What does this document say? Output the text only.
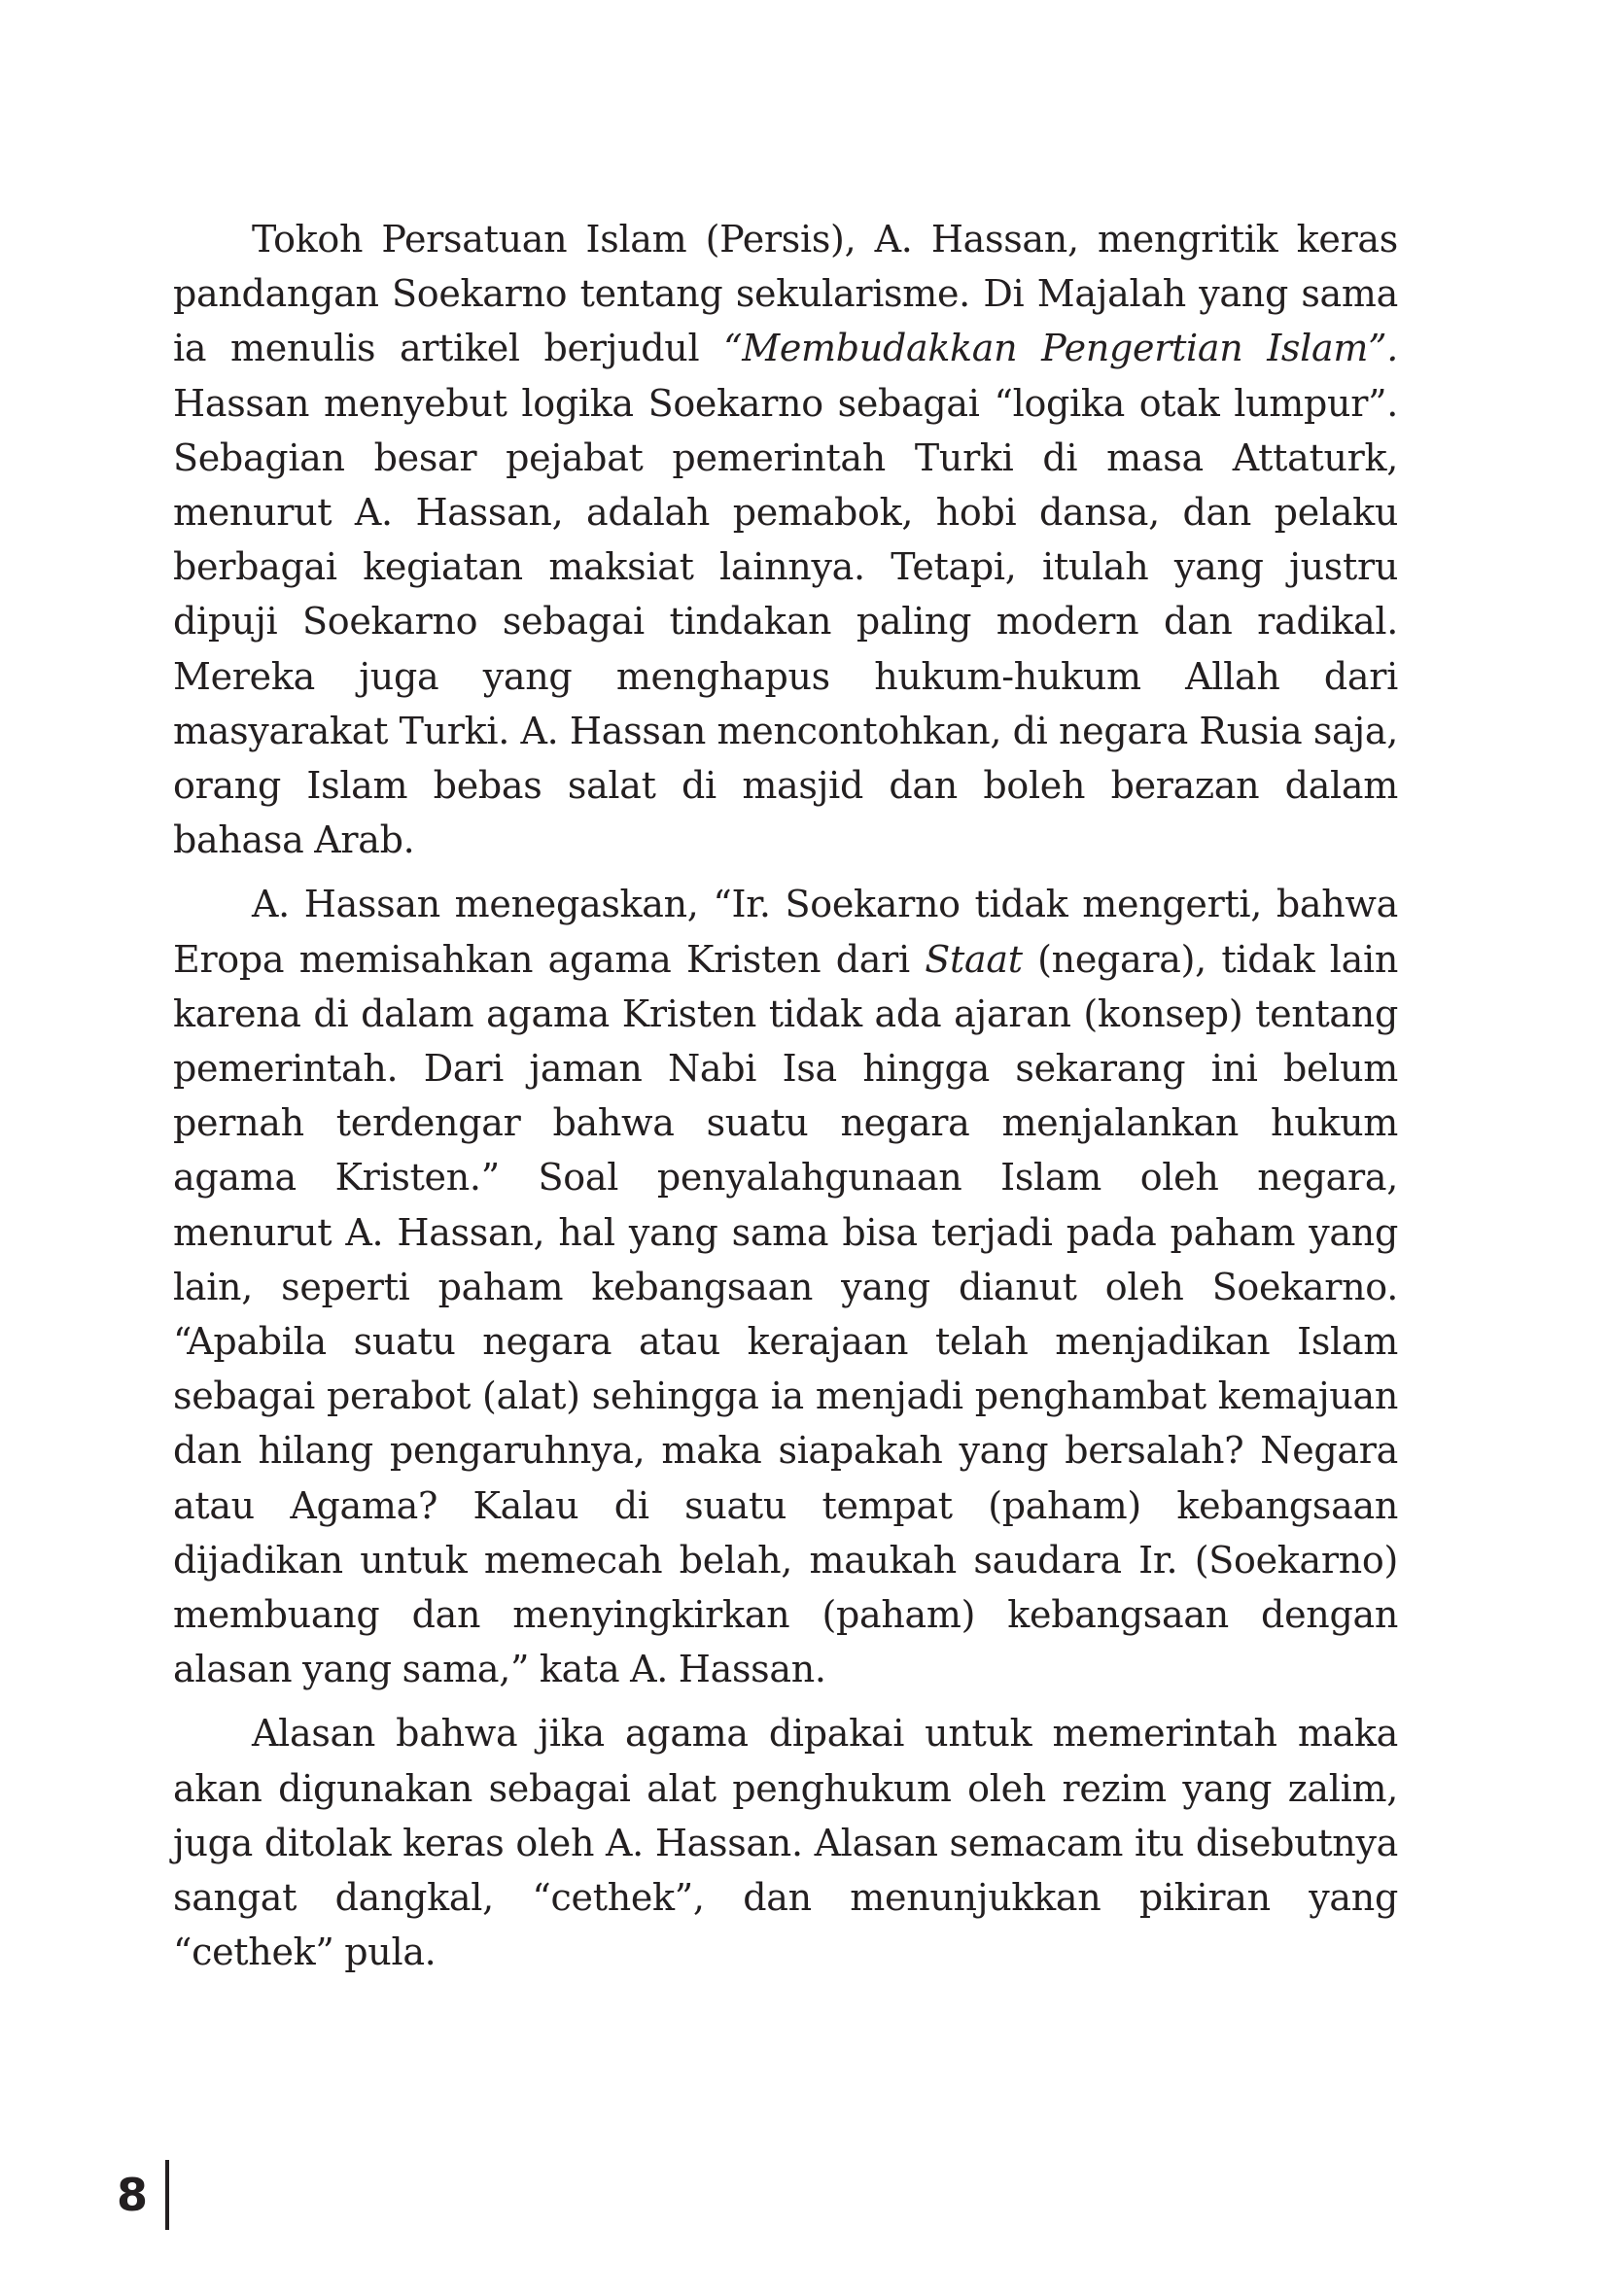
Tokoh Persatuan Islam (Persis), A. Hassan, mengritik keras pandangan Soekarno tentang sekularisme. Di Majalah yang sama ia menulis artikel berjudul “Membudakkan Pengertian Islam”. Hassan menyebut logika Soekarno sebagai “logika otak lumpur”. Sebagian besar pejabat pemerintah Turki di masa Attaturk, menurut A. Hassan, adalah pemabok, hobi dansa, dan pelaku berbagai kegiatan maksiat lainnya. Tetapi, itulah yang justru dipuji Soekarno sebagai tindakan paling modern dan radikal. Mereka juga yang menghapus hukum-hukum Allah dari masyarakat Turki. A. Hassan mencontohkan, di negara Rusia saja, orang Islam bebas salat di masjid dan boleh berazan dalam bahasa Arab.

A. Hassan menegaskan, “Ir. Soekarno tidak mengerti, bahwa Eropa memisahkan agama Kristen dari Staat (negara), tidak lain karena di dalam agama Kristen tidak ada ajaran (konsep) tentang pemerintah. Dari jaman Nabi Isa hingga sekarang ini belum pernah terdengar bahwa suatu negara menjalankan hukum agama Kristen.” Soal penyalahgunaan Islam oleh negara, menurut A. Hassan, hal yang sama bisa terjadi pada paham yang lain, seperti paham kebangsaan yang dianut oleh Soekarno. “Apabila suatu negara atau kerajaan telah menjadikan Islam sebagai perabot (alat) sehingga ia menjadi penghambat kemajuan dan hilang pengaruhnya, maka siapakah yang bersalah? Negara atau Agama? Kalau di suatu tempat (paham) kebangsaan dijadikan untuk memecah belah, maukah saudara Ir. (Soekarno) membuang dan menyingkirkan (paham) kebangsaan dengan alasan yang sama,” kata A. Hassan.

Alasan bahwa jika agama dipakai untuk memerintah maka akan digunakan sebagai alat penghukum oleh rezim yang zalim, juga ditolak keras oleh A. Hassan. Alasan semacam itu disebutnya sangat dangkal, “cethek”, dan menunjukkan pikiran yang “cethek” pula.

8
